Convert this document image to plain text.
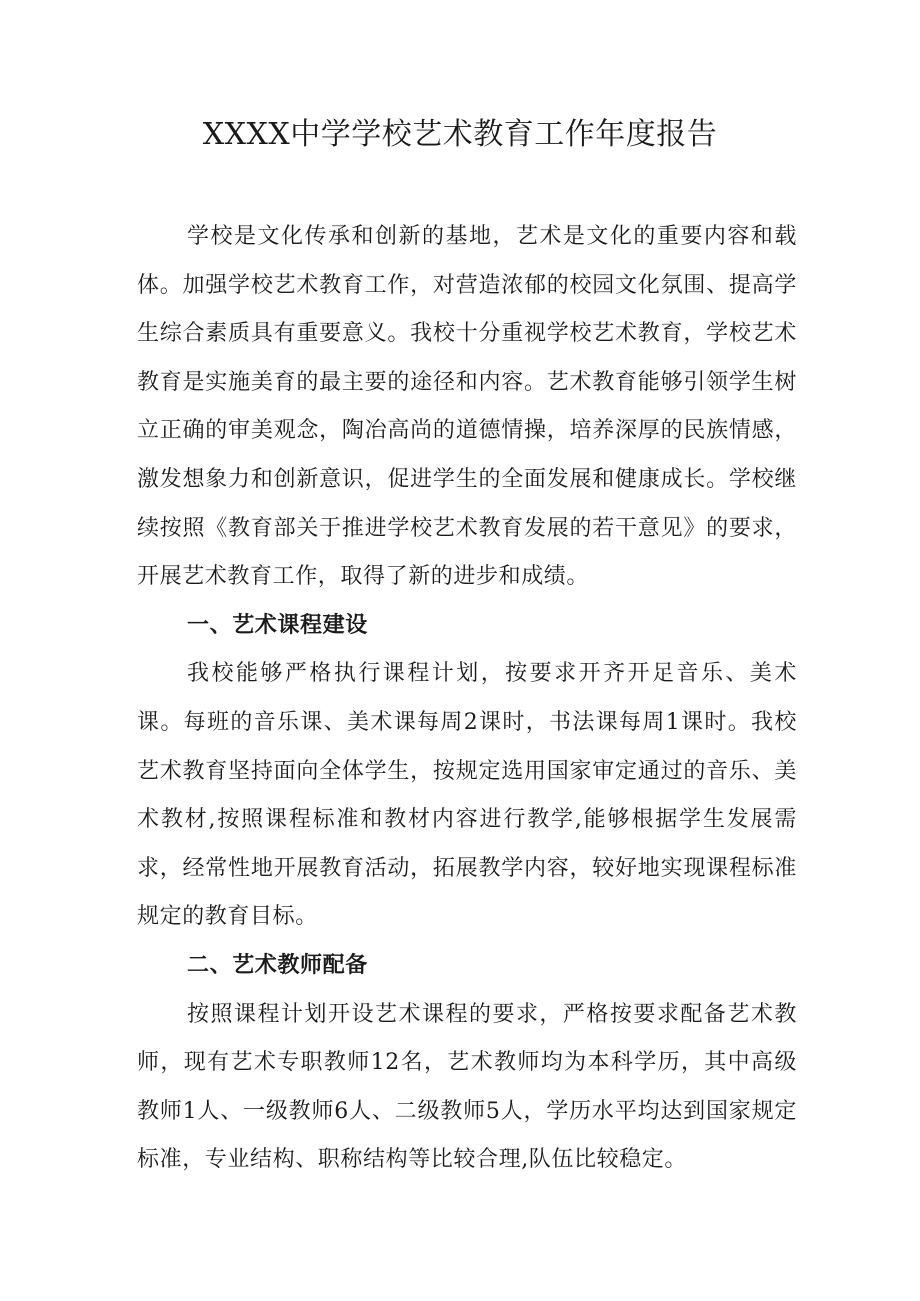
XXXX中学学校艺术教育工作年度报告

学校是文化传承和创新的基地，艺术是文化的重要内容和载体。加强学校艺术教育工作，对营造浓郁的校园文化氛围、提高学生综合素质具有重要意义。我校十分重视学校艺术教育，学校艺术教育是实施美育的最主要的途径和内容。艺术教育能够引领学生树立正确的审美观念，陶冶高尚的道德情操，培养深厚的民族情感，激发想象力和创新意识，促进学生的全面发展和健康成长。学校继续按照《教育部关于推进学校艺术教育发展的若干意见》的要求，开展艺术教育工作，取得了新的进步和成绩。

一、艺术课程建设

我校能够严格执行课程计划，按要求开齐开足音乐、美术课。每班的音乐课、美术课每周2课时，书法课每周1课时。我校艺术教育坚持面向全体学生，按规定选用国家审定通过的音乐、美术教材,按照课程标准和教材内容进行教学,能够根据学生发展需求，经常性地开展教育活动，拓展教学内容，较好地实现课程标准规定的教育目标。

二、艺术教师配备

按照课程计划开设艺术课程的要求，严格按要求配备艺术教师，现有艺术专职教师12名，艺术教师均为本科学历，其中高级教师1人、一级教师6人、二级教师5人，学历水平均达到国家规定标准，专业结构、职称结构等比较合理,队伍比较稳定。
